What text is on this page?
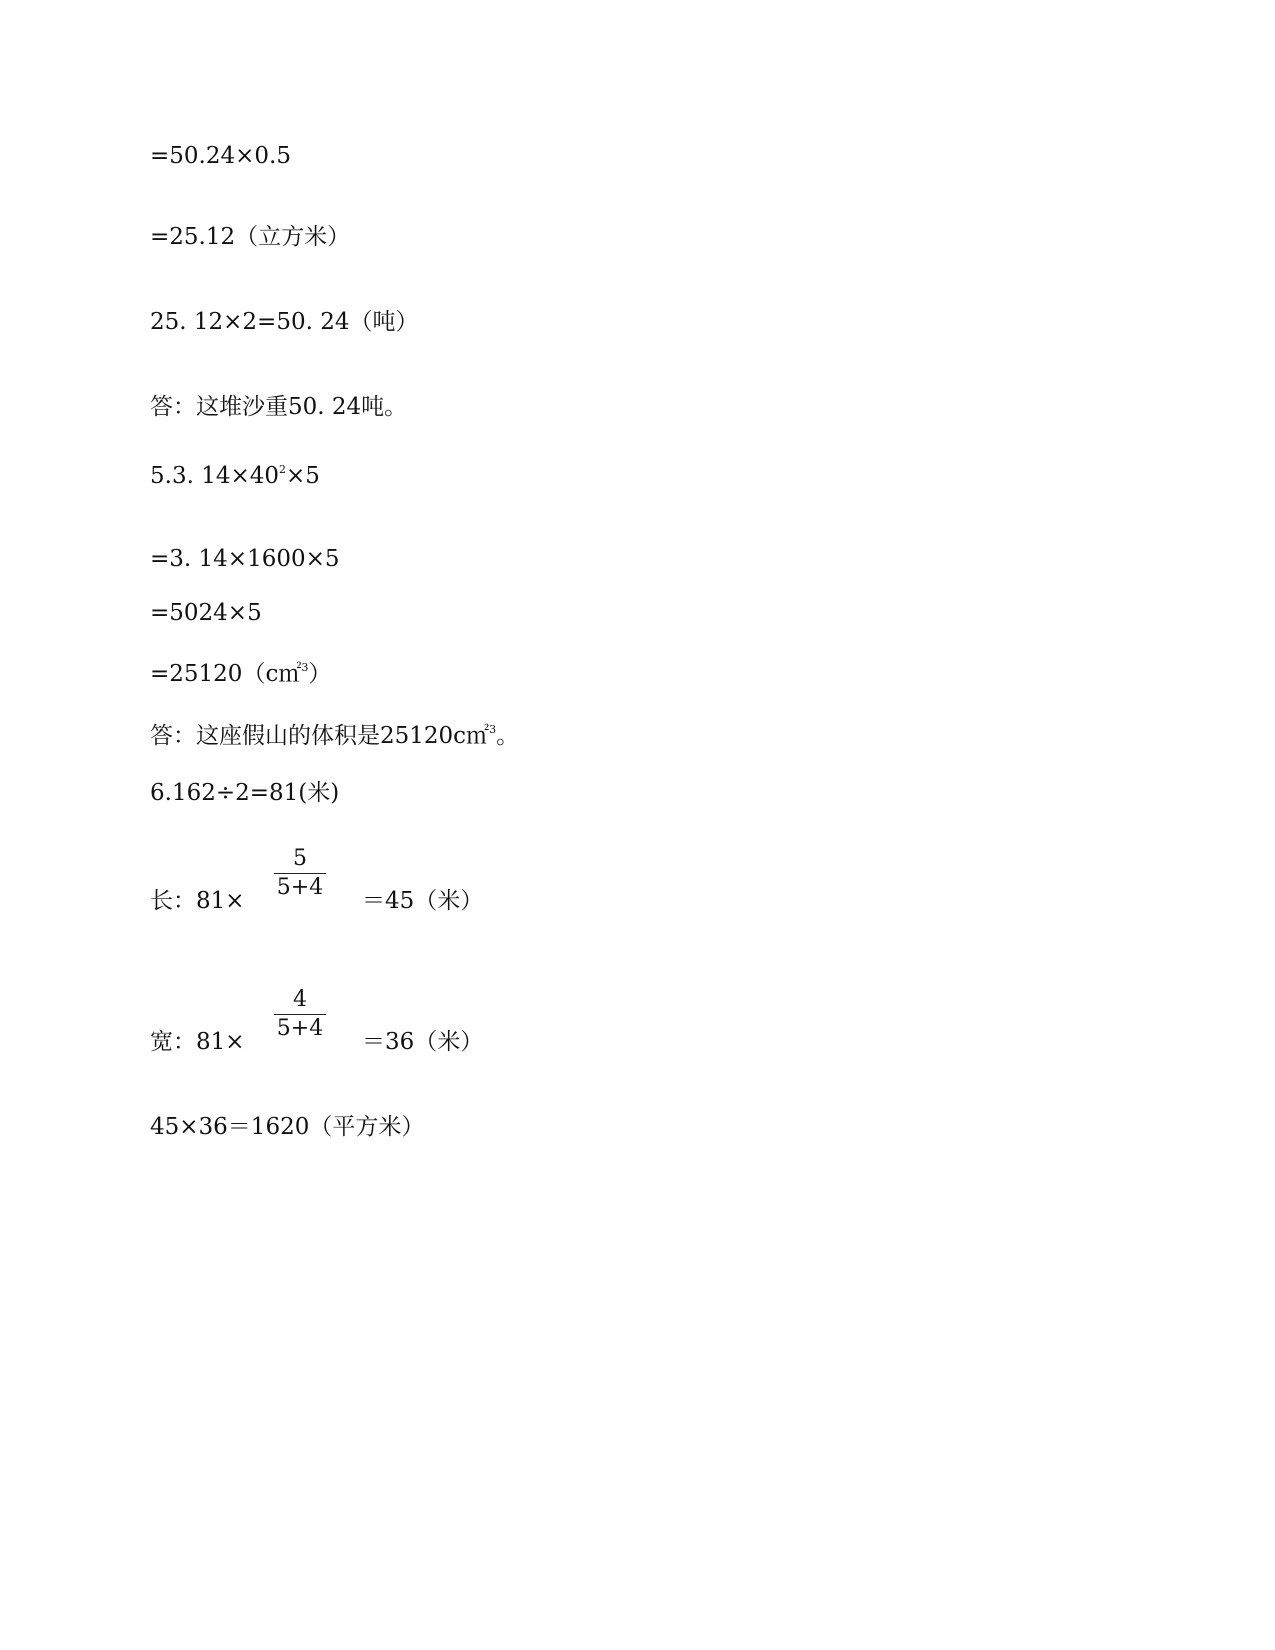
=50.24×0.5
=25.12（立方米）
25. 12×2=50. 24（吨）
答：这堆沙重50. 24吨。
5.3. $14\times 40^2\times 5$
=3. 14×1600×5
=5024×5
=25120（c㎡$^3$）
答：这座假山的体积是25120c㎡$^3$。
6.162÷2=81(米)
长：81×
5
5+4
＝45（米）
宽：81×
4
5+4
＝36（米）
45×36＝1620（平方米）
